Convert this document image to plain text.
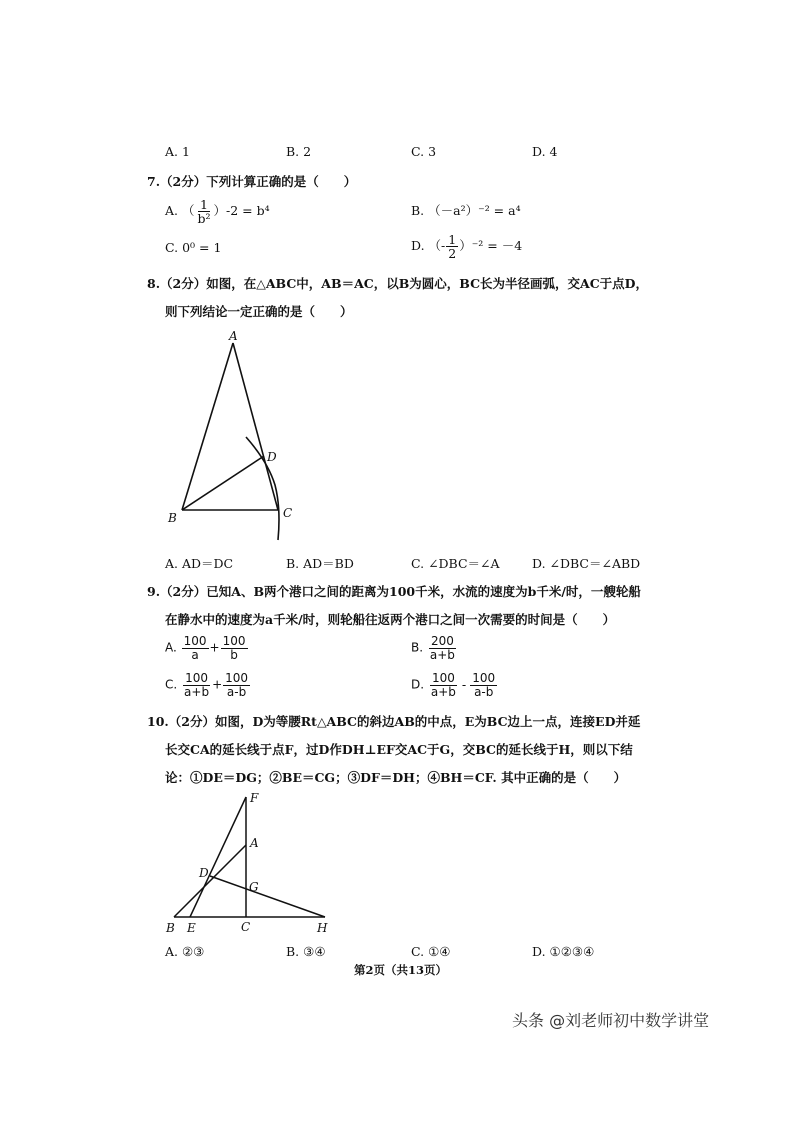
A. 1	B. 2	C. 3	D. 4
7.（2分）下列计算正确的是（　　）
A. （ $\frac{1}{\text{b²}} )-2 = b^4$	B. （－a²）⁻² = a⁴
C. 0⁰ = 1	D. （- $\frac{1}{2} )^{-2} = -4$
8.（2分）如图，在△ABC中，AB＝AC，以B为圆心，BC长为半径画弧，交AC于点D，
则下列结论一定正确的是（　　）
A
D
B	C
A. AD＝DC	B. AD＝BD	C. ∠DBC＝∠A	D. ∠DBC＝∠ABD
9.（2分）已知A、B两个港口之间的距离为100千米，水流的速度为b千米/时，一艘轮船
在静水中的速度为a千米/时，则轮船往返两个港口之间一次需要的时间是（　　）
A. $\frac{100}{a} + \frac{100}{b}$	B. $\frac{200}{a+b}$
C. $\frac{100}{a+b} + \frac{100}{a-b}$	D. $\frac{100}{a+b} - \frac{100}{a-b}$
10.（2分）如图，D为等腰Rt△ABC的斜边AB的中点，E为BC边上一点，连接ED并延
长交CA的延长线于点F，过D作DH⊥EF交AC于G，交BC的延长线于H，则以下结
论：①DE＝DG；②BE＝CG；③DF＝DH；④BH＝CF. 其中正确的是（　　）
F
A
D
G
B E	C	H
A. ②③	B. ③④	C. ①④	D. ①②③④
第2页（共13页）
头条 @刘老师初中数学讲堂
